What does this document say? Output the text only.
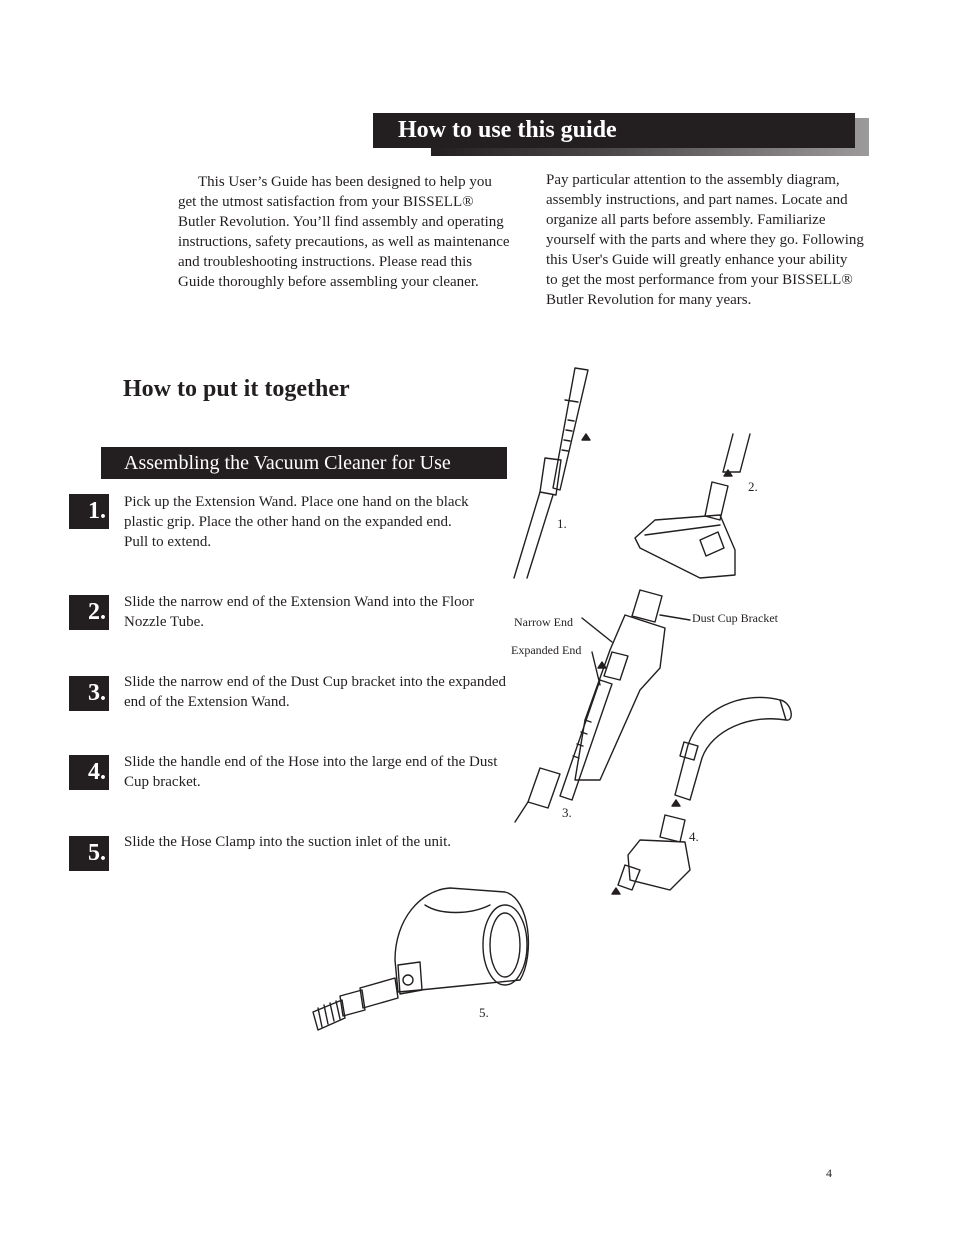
How to use this guide

This User’s Guide has been designed to help you

get the utmost satisfaction from your BISSELL®

Butler Revolution. You’ll find assembly and operating

instructions, safety precautions, as well as maintenance

and troubleshooting instructions. Please read this

Guide thoroughly before assembling your cleaner.

Pay particular attention to the assembly diagram,

assembly instructions, and part names. Locate and

organize all parts before assembly. Familiarize

yourself with the parts and where they go. Following

this User's Guide will greatly enhance your ability

to get the most performance from your BISSELL®

Butler Revolution for many years.

How to put it together
Assembling the Vacuum Cleaner for Use
1. Pick up the Extension Wand. Place one hand on the black
plastic grip. Place the other hand on the expanded end.
Pull to extend.
2. Slide the narrow end of the Extension Wand into the Floor
Nozzle Tube.
3. Slide the narrow end of the Dust Cup bracket into the expanded
end of the Extension Wand.
4. Slide the handle end of the Hose into the large end of the Dust
Cup bracket.
5. Slide the Hose Clamp into the suction inlet of the unit.
1.
2.
3.
4.
5.
Narrow End
Expanded End
Dust Cup Bracket
4
